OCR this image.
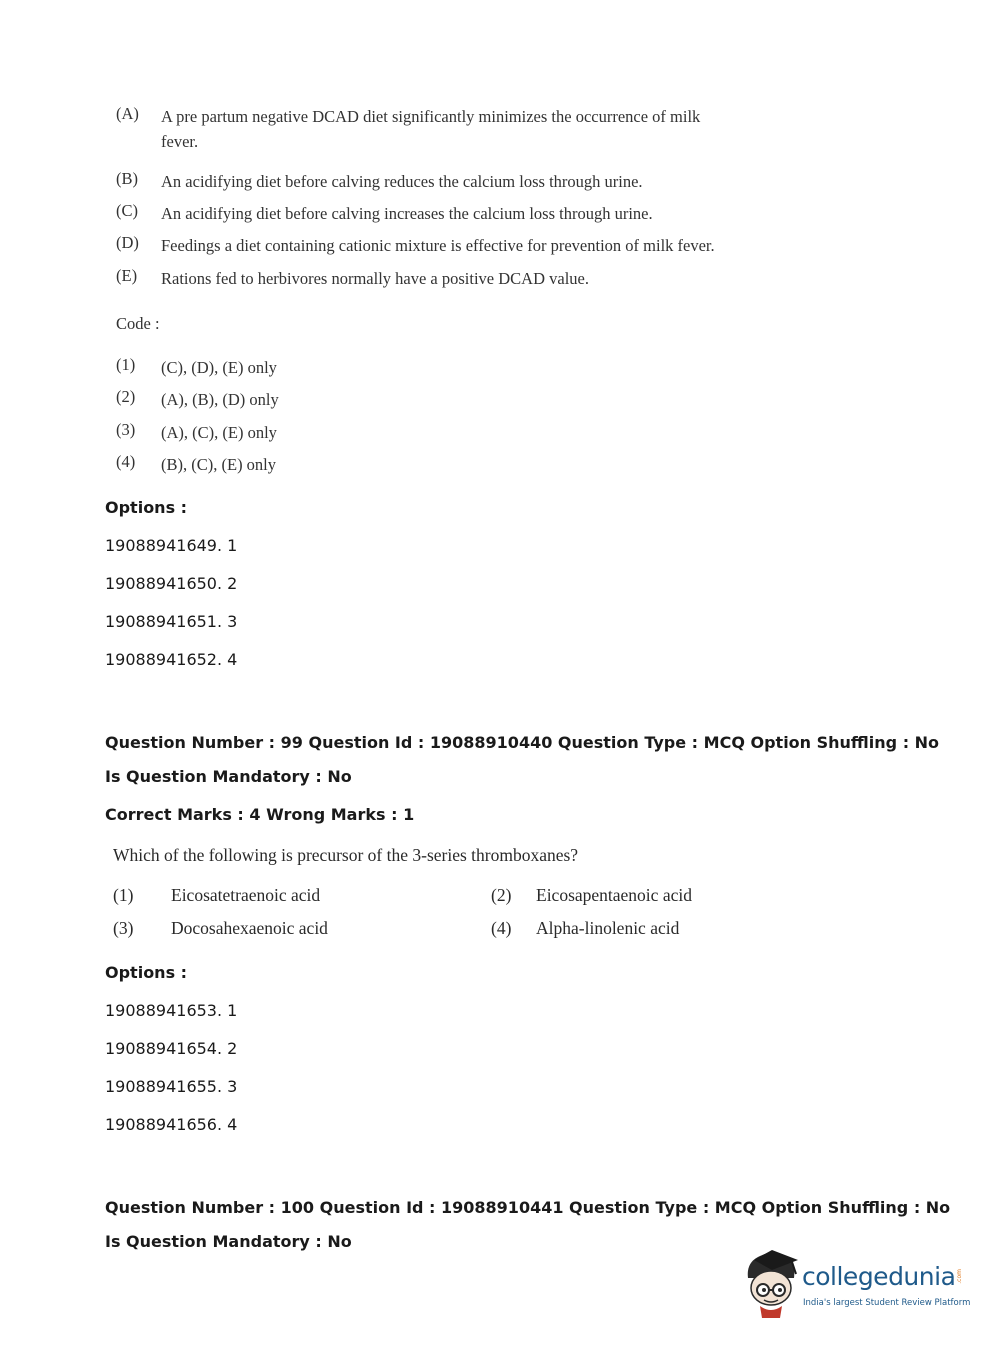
(A) A pre partum negative DCAD diet significantly minimizes the occurrence of milk fever.
(B) An acidifying diet before calving reduces the calcium loss through urine.
(C) An acidifying diet before calving increases the calcium loss through urine.
(D) Feedings a diet containing cationic mixture is effective for prevention of milk fever.
(E) Rations fed to herbivores normally have a positive DCAD value.
Code :
(1) (C), (D), (E) only
(2) (A), (B), (D) only
(3) (A), (C), (E) only
(4) (B), (C), (E) only
Options :
19088941649. 1
19088941650. 2
19088941651. 3
19088941652. 4
Question Number : 99 Question Id : 19088910440 Question Type : MCQ Option Shuffling : No
Is Question Mandatory : No
Correct Marks : 4 Wrong Marks : 1
Which of the following is precursor of the 3-series thromboxanes?
(1) Eicosatetraenoic acid	(2) Eicosapentaenoic acid
(3) Docosahexaenoic acid	(4) Alpha-linolenic acid
Options :
19088941653. 1
19088941654. 2
19088941655. 3
19088941656. 4
Question Number : 100 Question Id : 19088910441 Question Type : MCQ Option Shuffling : No
Is Question Mandatory : No
collegedunia .com
India's largest Student Review Platform
